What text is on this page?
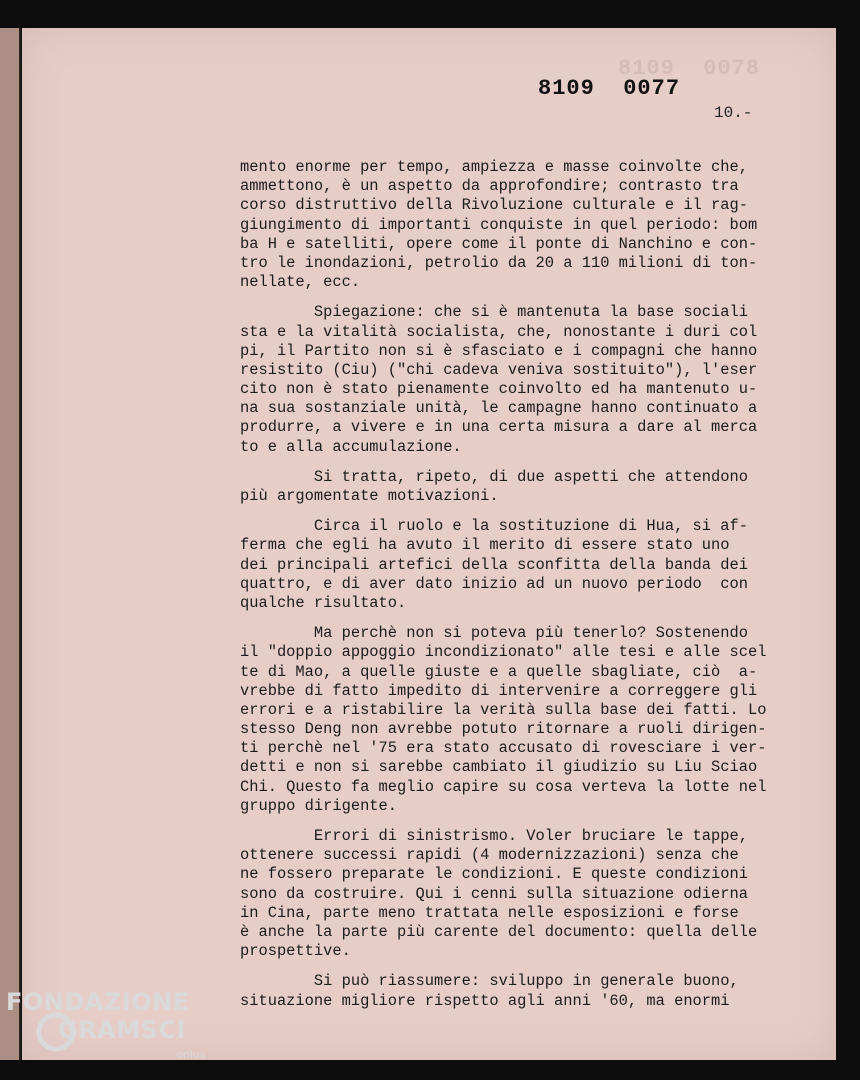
8109  0078
8109  0077
10.-
mento enorme per tempo, ampiezza e masse coinvolte che,
ammettono, è un aspetto da approfondire; contrasto tra
corso distruttivo della Rivoluzione culturale e il rag-
giungimento di importanti conquiste in quel periodo: bom
ba H e satelliti, opere come il ponte di Nanchino e con-
tro le inondazioni, petrolio da 20 a 110 milioni di ton-
nellate, ecc.
Spiegazione: che si è mantenuta la base sociali
sta e la vitalità socialista, che, nonostante i duri col
pi, il Partito non si è sfasciato e i compagni che hanno
resistito (Ciu) ("chi cadeva veniva sostituito"), l'eser
cito non è stato pienamente coinvolto ed ha mantenuto u-
na sua sostanziale unità, le campagne hanno continuato a
produrre, a vivere e in una certa misura a dare al merca
to e alla accumulazione.
Si tratta, ripeto, di due aspetti che attendono
più argomentate motivazioni.
Circa il ruolo e la sostituzione di Hua, si af-
ferma che egli ha avuto il merito di essere stato uno
dei principali artefici della sconfitta della banda dei
quattro, e di aver dato inizio ad un nuovo periodo  con
qualche risultato.
Ma perchè non si poteva più tenerlo? Sostenendo
il "doppio appoggio incondizionato" alle tesi e alle scel
te di Mao, a quelle giuste e a quelle sbagliate, ciò  a-
vrebbe di fatto impedito di intervenire a correggere gli
errori e a ristabilire la verità sulla base dei fatti. Lo
stesso Deng non avrebbe potuto ritornare a ruoli dirigen-
ti perchè nel '75 era stato accusato di rovesciare i ver-
detti e non si sarebbe cambiato il giudizio su Liu Sciao
Chi. Questo fa meglio capire su cosa verteva la lotte nel
gruppo dirigente.
Errori di sinistrismo. Voler bruciare le tappe,
ottenere successi rapidi (4 modernizzazioni) senza che
ne fossero preparate le condizioni. E queste condizioni
sono da costruire. Qui i cenni sulla situazione odierna
in Cina, parte meno trattata nelle esposizioni e forse
è anche la parte più carente del documento: quella delle
prospettive.
Si può riassumere: sviluppo in generale buono,
situazione migliore rispetto agli anni '60, ma enormi
FONDAZIONE
GRAMSCI
onlus
